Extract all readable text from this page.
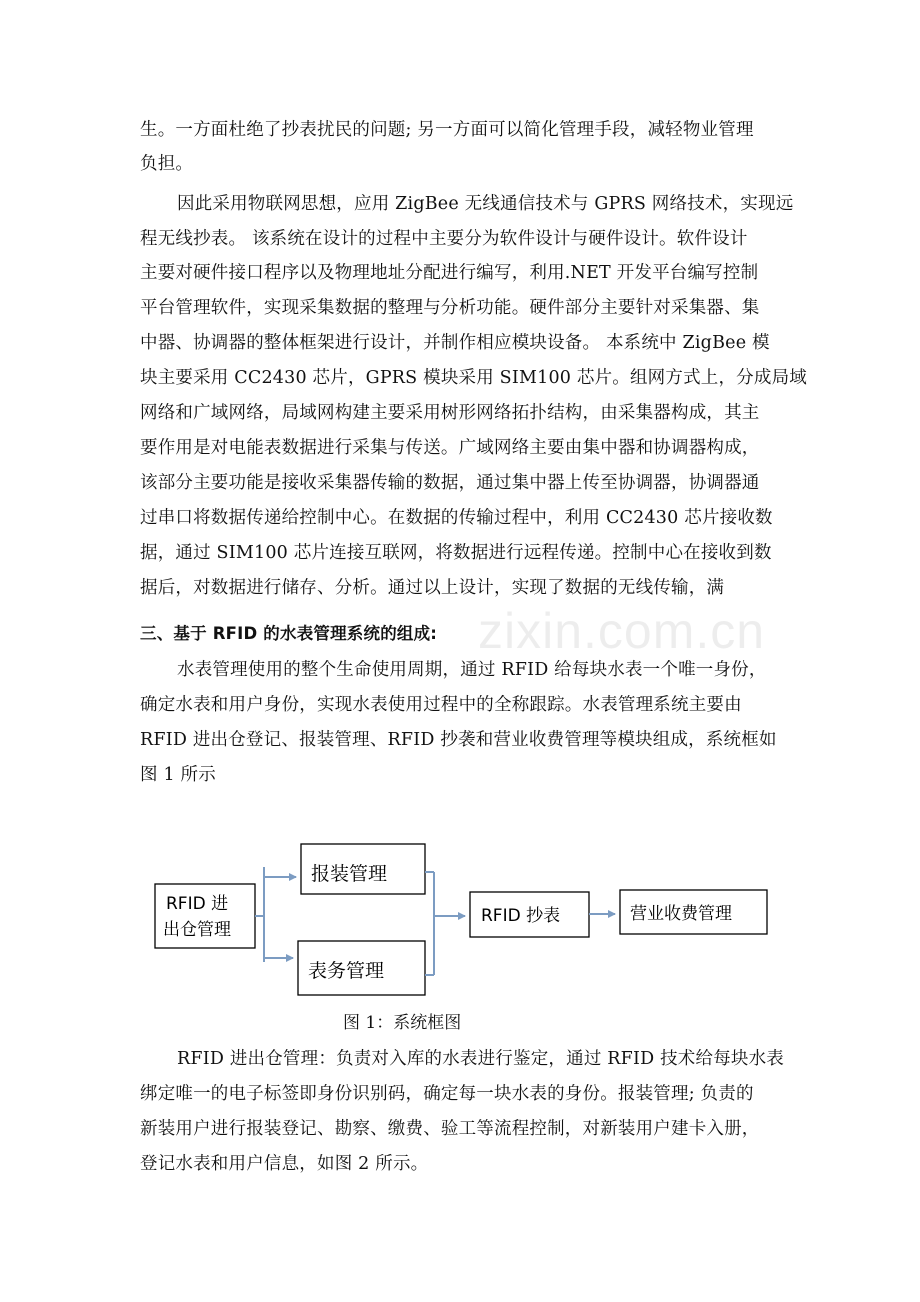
生。一方面杜绝了抄表扰民的问题; 另一方面可以简化管理手段，减轻物业管理
负担。
因此采用物联网思想，应用 ZigBee 无线通信技术与 GPRS 网络技术，实现远
程无线抄表。 该系统在设计的过程中主要分为软件设计与硬件设计。软件设计
主要对硬件接口程序以及物理地址分配进行编写，利用.NET 开发平台编写控制
平台管理软件，实现采集数据的整理与分析功能。硬件部分主要针对采集器、集
中器、协调器的整体框架进行设计，并制作相应模块设备。 本系统中 ZigBee 模
块主要采用 CC2430 芯片，GPRS 模块采用 SIM100 芯片。组网方式上，分成局域
网络和广域网络，局域网构建主要采用树形网络拓扑结构，由采集器构成，其主
要作用是对电能表数据进行采集与传送。广域网络主要由集中器和协调器构成，
该部分主要功能是接收采集器传输的数据，通过集中器上传至协调器，协调器通
过串口将数据传递给控制中心。在数据的传输过程中，利用 CC2430 芯片接收数
据，通过 SIM100 芯片连接互联网，将数据进行远程传递。控制中心在接收到数
据后，对数据进行储存、分析。通过以上设计，实现了数据的无线传输，满
zixin.com.cn
三、基于 RFID 的水表管理系统的组成:
水表管理使用的整个生命使用周期，通过 RFID 给每块水表一个唯一身份，
确定水表和用户身份，实现水表使用过程中的全称跟踪。水表管理系统主要由
RFID 进出仓登记、报装管理、RFID 抄袭和营业收费管理等模块组成，系统框如
图 1 所示
RFID 进
出仓管理
报装管理
表务管理
RFID 抄表	营业收费管理
图 1：系统框图
RFID 进出仓管理：负责对入库的水表进行鉴定，通过 RFID 技术给每块水表
绑定唯一的电子标签即身份识别码，确定每一块水表的身份。报装管理; 负责的
新装用户进行报装登记、勘察、缴费、验工等流程控制，对新装用户建卡入册，
登记水表和用户信息，如图 2 所示。
